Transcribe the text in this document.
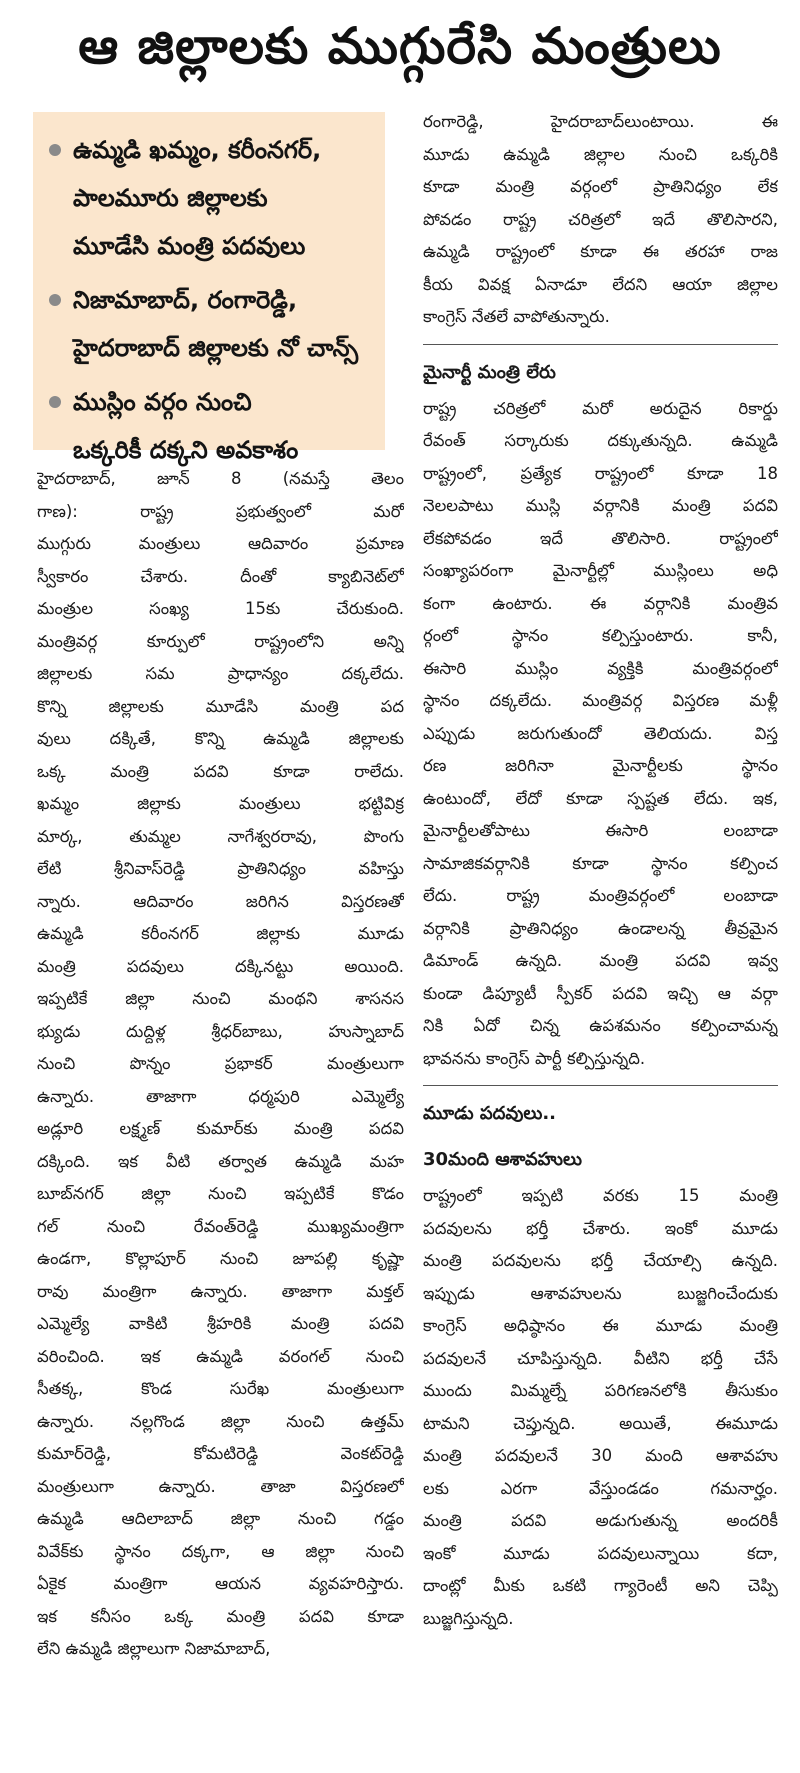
ఆ జిల్లాలకు ముగ్గురేసి మంత్రులు
ఉమ్మడి ఖమ్మం, కరీంనగర్,
పాలమూరు జిల్లాలకు
మూడేసి మంత్రి పదవులు
నిజామాబాద్, రంగారెడ్డి,
హైదరాబాద్ జిల్లాలకు నో చాన్స్
ముస్లిం వర్గం నుంచి
ఒక్కరికీ దక్కని అవకాశం
హైదరాబాద్, జూన్ 8 (నమస్తే తెలం
గాణ): రాష్ట్ర ప్రభుత్వంలో మరో
ముగ్గురు మంత్రులు ఆదివారం ప్రమాణ
స్వీకారం చేశారు. దీంతో క్యాబినెట్‌లో
మంత్రుల సంఖ్య 15కు చేరుకుంది.
మంత్రివర్గ కూర్పులో రాష్ట్రంలోని అన్ని
జిల్లాలకు సమ ప్రాధాన్యం దక్కలేదు.
కొన్ని జిల్లాలకు మూడేసి మంత్రి పద
వులు దక్కితే, కొన్ని ఉమ్మడి జిల్లాలకు
ఒక్క మంత్రి పదవి కూడా రాలేదు.
ఖమ్మం జిల్లాకు మంత్రులు భట్టివిక్ర
మార్క, తుమ్మల నాగేశ్వరరావు, పొంగు
లేటి శ్రీనివాస్‌రెడ్డి ప్రాతినిధ్యం వహిస్తు
న్నారు. ఆదివారం జరిగిన విస్తరణతో
ఉమ్మడి కరీంనగర్ జిల్లాకు మూడు
మంత్రి పదవులు దక్కినట్టు అయింది.
ఇప్పటికే జిల్లా నుంచి మంథని శాసనస
భ్యుడు దుద్దిళ్ల శ్రీధర్‌బాబు, హుస్నాబాద్
నుంచి పొన్నం ప్రభాకర్ మంత్రులుగా
ఉన్నారు. తాజాగా ధర్మపురి ఎమ్మెల్యే
అడ్లూరి లక్ష్మణ్ కుమార్‌కు మంత్రి పదవి
దక్కింది. ఇక వీటి తర్వాత ఉమ్మడి మహ
బూబ్‌నగర్ జిల్లా నుంచి ఇప్పటికే కొడం
గల్ నుంచి రేవంత్‌రెడ్డి ముఖ్యమంత్రిగా
ఉండగా, కొల్లాపూర్ నుంచి జూపల్లి కృష్ణా
రావు మంత్రిగా ఉన్నారు. తాజాగా మక్తల్
ఎమ్మెల్యే వాకిటి శ్రీహరికి మంత్రి పదవి
వరించింది. ఇక ఉమ్మడి వరంగల్ నుంచి
సీతక్క, కొండ సురేఖ మంత్రులుగా
ఉన్నారు. నల్లగొండ జిల్లా నుంచి ఉత్తమ్
కుమార్‌రెడ్డి, కోమటిరెడ్డి వెంకట్‌రెడ్డి
మంత్రులుగా ఉన్నారు. తాజా విస్తరణలో
ఉమ్మడి ఆదిలాబాద్ జిల్లా నుంచి గడ్డం
వివేక్‌కు స్థానం దక్కగా, ఆ జిల్లా నుంచి
ఏకైక మంత్రిగా ఆయన వ్యవహరిస్తారు.
ఇక కనీసం ఒక్క మంత్రి పదవి కూడా
లేని ఉమ్మడి జిల్లాలుగా నిజామాబాద్,
రంగారెడ్డి, హైదరాబాద్‌లుంటాయి. ఈ
మూడు ఉమ్మడి జిల్లాల నుంచి ఒక్కరికి
కూడా మంత్రి వర్గంలో ప్రాతినిధ్యం లేక
పోవడం రాష్ట్ర చరిత్రలో ఇదే తొలిసారని,
ఉమ్మడి రాష్ట్రంలో కూడా ఈ తరహా రాజ
కీయ వివక్ష ఏనాడూ లేదని ఆయా జిల్లాల
కాంగ్రెస్ నేతలే వాపోతున్నారు.
మైనార్టీ మంత్రి లేరు
రాష్ట్ర చరిత్రలో మరో అరుదైన రికార్డు
రేవంత్ సర్కారుకు దక్కుతున్నది. ఉమ్మడి
రాష్ట్రంలో, ప్రత్యేక రాష్ట్రంలో కూడా 18
నెలలపాటు ముస్లి వర్గానికి మంత్రి పదవి
లేకపోవడం ఇదే తొలిసారి. రాష్ట్రంలో
సంఖ్యాపరంగా మైనార్టీల్లో ముస్లింలు అధి
కంగా ఉంటారు. ఈ వర్గానికి మంత్రివ
ర్గంలో స్థానం కల్పిస్తుంటారు. కానీ,
ఈసారి ముస్లిం వ్యక్తికి మంత్రివర్గంలో
స్థానం దక్కలేదు. మంత్రివర్గ విస్తరణ మళ్లీ
ఎప్పుడు జరుగుతుందో తెలియదు. విస్త
రణ జరిగినా మైనార్టీలకు స్థానం
ఉంటుందో, లేదో కూడా స్పష్టత లేదు. ఇక,
మైనార్టీలతోపాటు ఈసారి లంబాడా
సామాజికవర్గానికి కూడా స్థానం కల్పించ
లేదు. రాష్ట్ర మంత్రివర్గంలో లంబాడా
వర్గానికి ప్రాతినిధ్యం ఉండాలన్న తీవ్రమైన
డిమాండ్ ఉన్నది. మంత్రి పదవి ఇవ్వ
కుండా డిప్యూటీ స్పీకర్ పదవి ఇచ్చి ఆ వర్గా
నికి ఏదో చిన్న ఉపశమనం కల్పించామన్న
భావనను కాంగ్రెస్ పార్టీ కల్పిస్తున్నది.
మూడు పదవులు..
30మంది ఆశావహులు
రాష్ట్రంలో ఇప్పటి వరకు 15 మంత్రి
పదవులను భర్తీ చేశారు. ఇంకో మూడు
మంత్రి పదవులను భర్తీ చేయాల్సి ఉన్నది.
ఇప్పుడు ఆశావహులను బుజ్జగించేందుకు
కాంగ్రెస్ అధిష్ఠానం ఈ మూడు మంత్రి
పదవులనే చూపిస్తున్నది. వీటిని భర్తీ చేసే
ముందు మిమ్మల్నే పరిగణనలోకి తీసుకుం
టామని చెప్తున్నది. అయితే, ఈమూడు
మంత్రి పదవులనే 30 మంది ఆశావహు
లకు ఎరగా వేస్తుండడం గమనార్హం.
మంత్రి పదవి అడుగుతున్న అందరికీ
ఇంకో మూడు పదవులున్నాయి కదా,
దాంట్లో మీకు ఒకటి గ్యారెంటీ అని చెప్పి
బుజ్జగిస్తున్నది.
